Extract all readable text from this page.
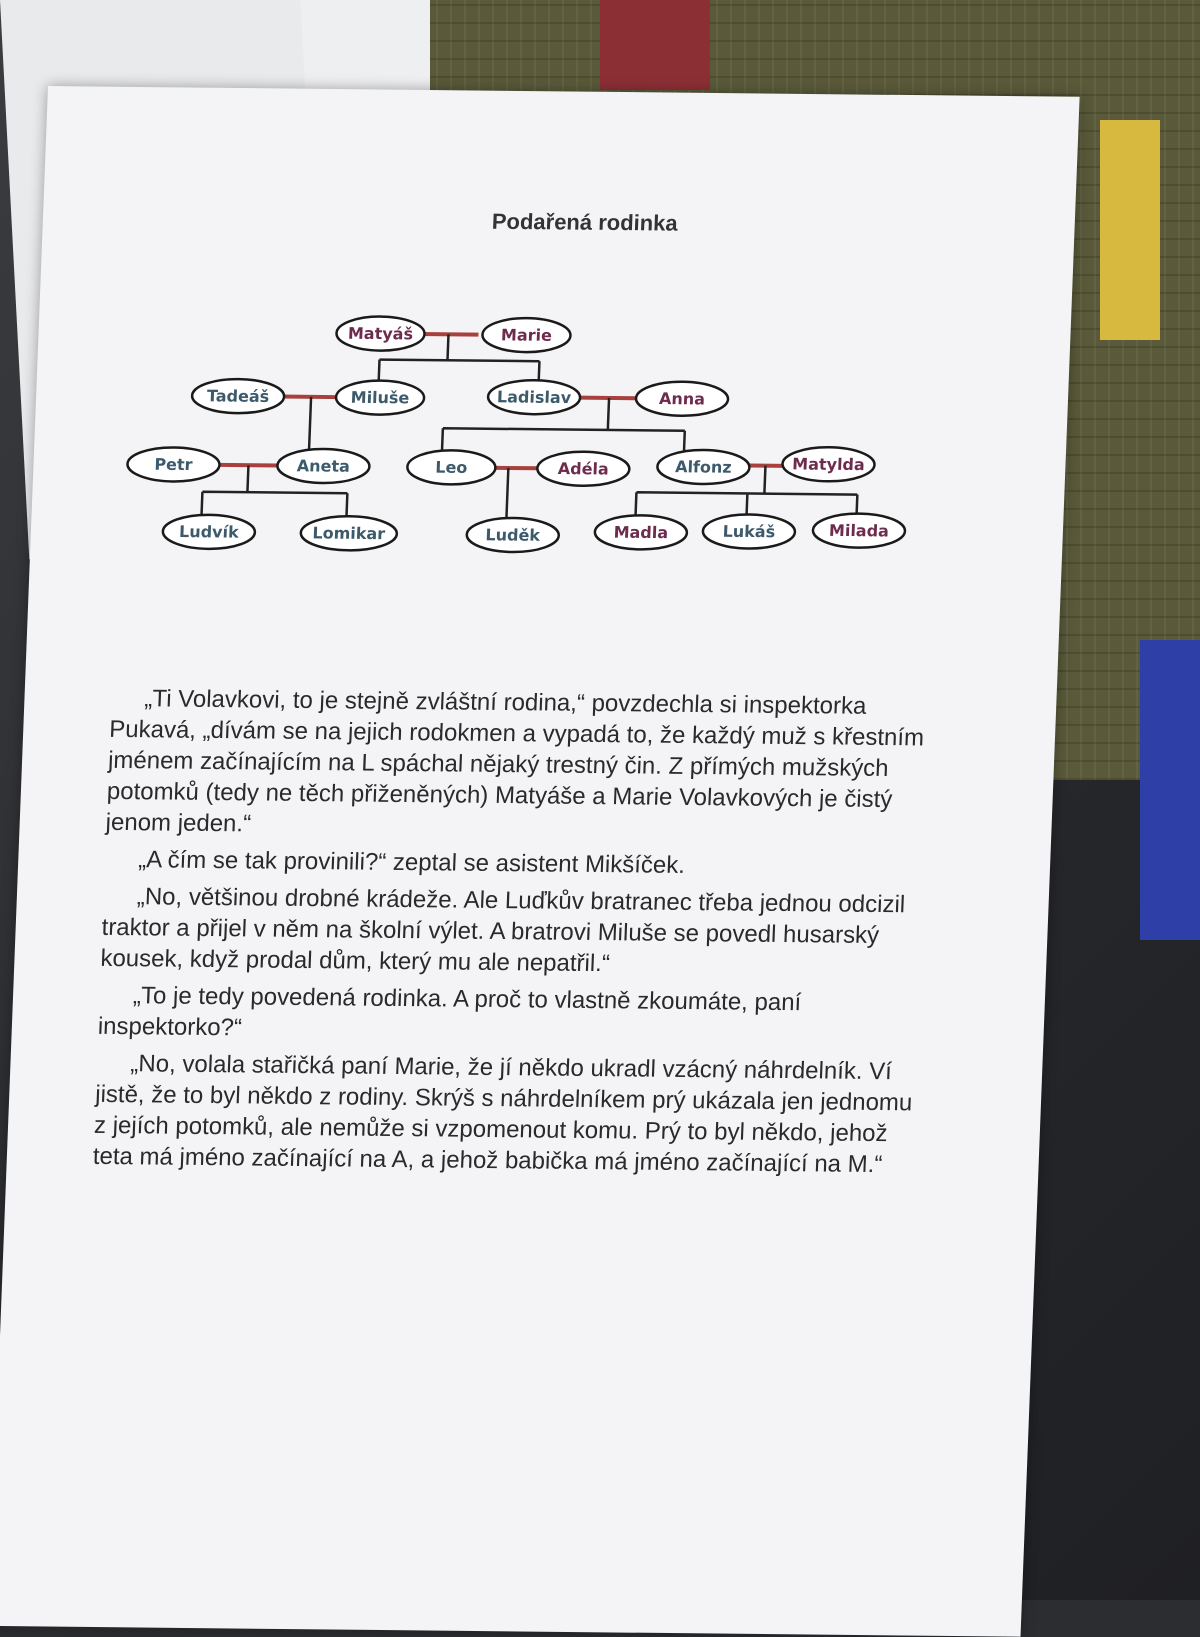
Podařená rodinka
Matyáš	Marie
Tadeáš	Miluše	Ladislav	Anna
Petr	Aneta	Leo	Adéla	Alfonz	Matylda
Ludvík	Lomikar	Luděk	Madla	Lukáš	Milada

„Ti Volavkovi, to je stejně zvláštní rodina,“ povzdechla si inspektorka Pukavá, „dívám se na jejich rodokmen a vypadá to, že každý muž s křestním jménem začínajícím na L spáchal nějaký trestný čin. Z přímých mužských potomků (tedy ne těch přiženěných) Matyáše a Marie Volavkových je čistý jenom jeden.“

„A čím se tak provinili?“ zeptal se asistent Mikšíček.

„No, většinou drobné krádeže. Ale Luďkův bratranec třeba jednou odcizil traktor a přijel v něm na školní výlet. A bratrovi Miluše se povedl husarský kousek, když prodal dům, který mu ale nepatřil.“

„To je tedy povedená rodinka. A proč to vlastně zkoumáte, paní inspektorko?“

„No, volala stařičká paní Marie, že jí někdo ukradl vzácný náhrdelník. Ví jistě, že to byl někdo z rodiny. Skrýš s náhrdelníkem prý ukázala jen jednomu z jejích potomků, ale nemůže si vzpomenout komu. Prý to byl někdo, jehož teta má jméno začínající na A, a jehož babička má jméno začínající na M.“
